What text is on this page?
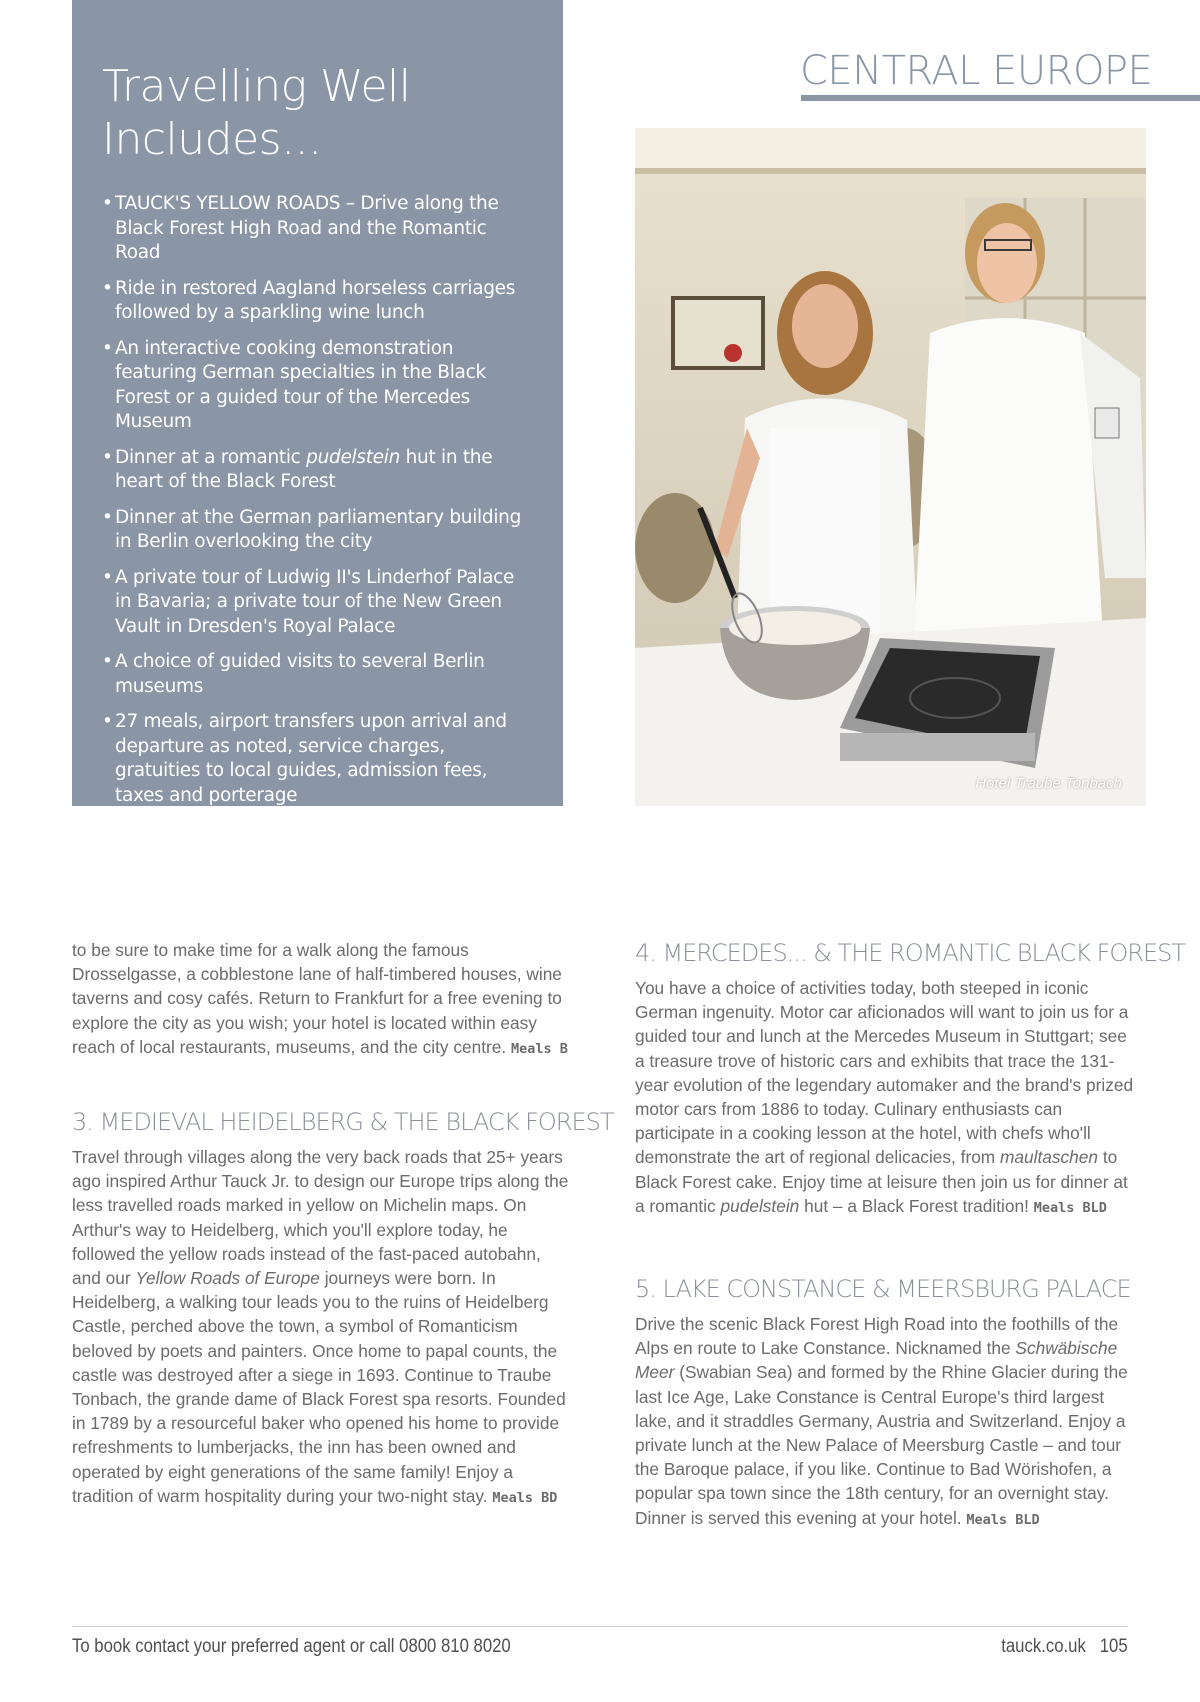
Travelling Well Includes...
• TAUCK'S YELLOW ROADS – Drive along the Black Forest High Road and the Romantic Road
• Ride in restored Aagland horseless carriages followed by a sparkling wine lunch
• An interactive cooking demonstration featuring German specialties in the Black Forest or a guided tour of the Mercedes Museum
• Dinner at a romantic pudelstein hut in the heart of the Black Forest
• Dinner at the German parliamentary building in Berlin overlooking the city
• A private tour of Ludwig II's Linderhof Palace in Bavaria; a private tour of the New Green Vault in Dresden's Royal Palace
• A choice of guided visits to several Berlin museums
• 27 meals, airport transfers upon arrival and departure as noted, service charges, gratuities to local guides, admission fees, taxes and porterage
CENTRAL EUROPE
Hotel Traube Tonbach

to be sure to make time for a walk along the famous Drosselgasse, a cobblestone lane of half-timbered houses, wine taverns and cosy cafés. Return to Frankfurt for a free evening to explore the city as you wish; your hotel is located within easy reach of local restaurants, museums, and the city centre. Meals B

3. MEDIEVAL HEIDELBERG & THE BLACK FOREST

Travel through villages along the very back roads that 25+ years ago inspired Arthur Tauck Jr. to design our Europe trips along the less travelled roads marked in yellow on Michelin maps. On Arthur's way to Heidelberg, which you'll explore today, he followed the yellow roads instead of the fast-paced autobahn, and our Yellow Roads of Europe journeys were born. In Heidelberg, a walking tour leads you to the ruins of Heidelberg Castle, perched above the town, a symbol of Romanticism beloved by poets and painters. Once home to papal counts, the castle was destroyed after a siege in 1693. Continue to Traube Tonbach, the grande dame of Black Forest spa resorts. Founded in 1789 by a resourceful baker who opened his home to provide refreshments to lumberjacks, the inn has been owned and operated by eight generations of the same family! Enjoy a tradition of warm hospitality during your two-night stay. Meals BD

4. MERCEDES... & THE ROMANTIC BLACK FOREST

You have a choice of activities today, both steeped in iconic German ingenuity. Motor car aficionados will want to join us for a guided tour and lunch at the Mercedes Museum in Stuttgart; see a treasure trove of historic cars and exhibits that trace the 131-year evolution of the legendary automaker and the brand's prized motor cars from 1886 to today. Culinary enthusiasts can participate in a cooking lesson at the hotel, with chefs who'll demonstrate the art of regional delicacies, from maultaschen to Black Forest cake. Enjoy time at leisure then join us for dinner at a romantic pudelstein hut – a Black Forest tradition! Meals BLD

5. LAKE CONSTANCE & MEERSBURG PALACE

Drive the scenic Black Forest High Road into the foothills of the Alps en route to Lake Constance. Nicknamed the Schwäbische Meer (Swabian Sea) and formed by the Rhine Glacier during the last Ice Age, Lake Constance is Central Europe's third largest lake, and it straddles Germany, Austria and Switzerland. Enjoy a private lunch at the New Palace of Meersburg Castle – and tour the Baroque palace, if you like. Continue to Bad Wörishofen, a popular spa town since the 18th century, for an overnight stay. Dinner is served this evening at your hotel. Meals BLD

To book contact your preferred agent or call 0800 810 8020	tauck.co.uk 105
